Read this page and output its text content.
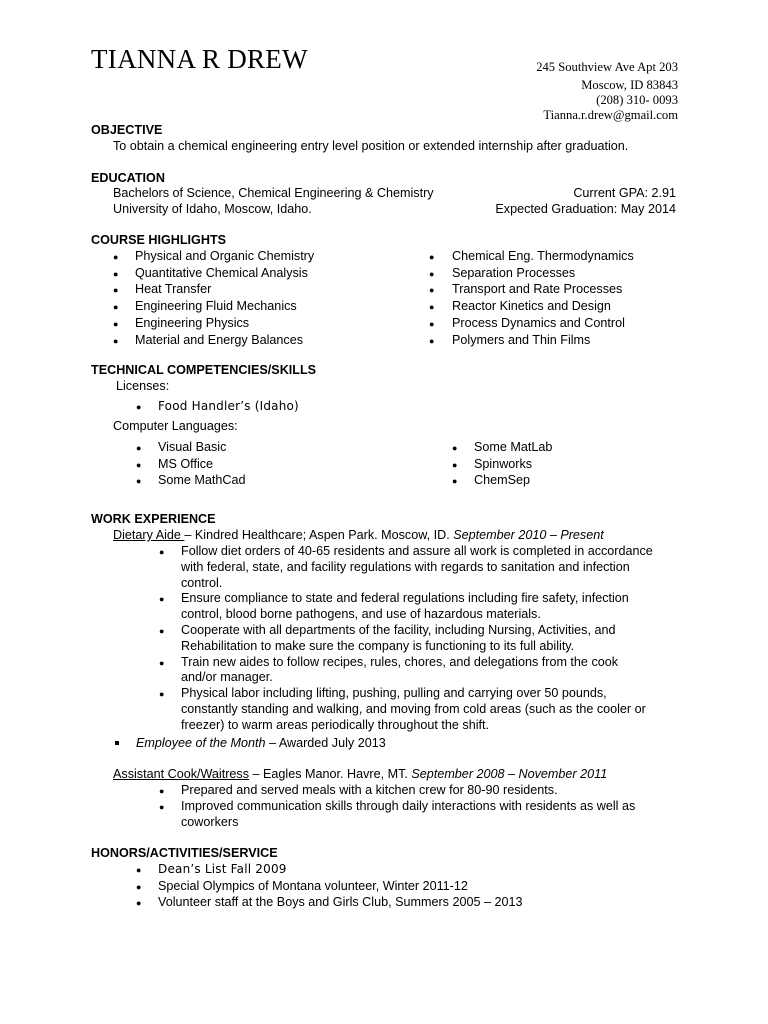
TIANNA R DREW	245 Southview Ave Apt 203
Moscow, ID 83843
(208) 310- 0093
Tianna.r.drew@gmail.com
OBJECTIVE
To obtain a chemical engineering entry level position or extended internship after graduation.
EDUCATION
Bachelors of Science, Chemical Engineering & Chemistry	Current GPA: 2.91
University of Idaho, Moscow, Idaho.	Expected Graduation: May 2014
COURSE HIGHLIGHTS
● Physical and Organic Chemistry
● Quantitative Chemical Analysis
● Heat Transfer
● Engineering Fluid Mechanics
● Engineering Physics
● Material and Energy Balances
● Chemical Eng. Thermodynamics
● Separation Processes
● Transport and Rate Processes
● Reactor Kinetics and Design
● Process Dynamics and Control
● Polymers and Thin Films
TECHNICAL COMPETENCIES/SKILLS
Licenses:
● Food Handler’s (Idaho)
Computer Languages:
● Visual Basic
● MS Office
● Some MathCad
● Some MatLab
● Spinworks
● ChemSep
WORK EXPERIENCE
Dietary Aide – Kindred Healthcare; Aspen Park. Moscow, ID. September 2010 – Present
● Follow diet orders of 40-65 residents and assure all work is completed in accordance
with federal, state, and facility regulations with regards to sanitation and infection
control.
● Ensure compliance to state and federal regulations including fire safety, infection
control, blood borne pathogens, and use of hazardous materials.
● Cooperate with all departments of the facility, including Nursing, Activities, and
Rehabilitation to make sure the company is functioning to its full ability.
● Train new aides to follow recipes, rules, chores, and delegations from the cook
and/or manager.
● Physical labor including lifting, pushing, pulling and carrying over 50 pounds,
constantly standing and walking, and moving from cold areas (such as the cooler or
freezer) to warm areas periodically throughout the shift.
Employee of the Month – Awarded July 2013
Assistant Cook/Waitress – Eagles Manor. Havre, MT. September 2008 – November 2011
● Prepared and served meals with a kitchen crew for 80-90 residents.
● Improved communication skills through daily interactions with residents as well as
coworkers
HONORS/ACTIVITIES/SERVICE
● Dean’s List Fall 2009
● Special Olympics of Montana volunteer, Winter 2011-12
● Volunteer staff at the Boys and Girls Club, Summers 2005 – 2013
